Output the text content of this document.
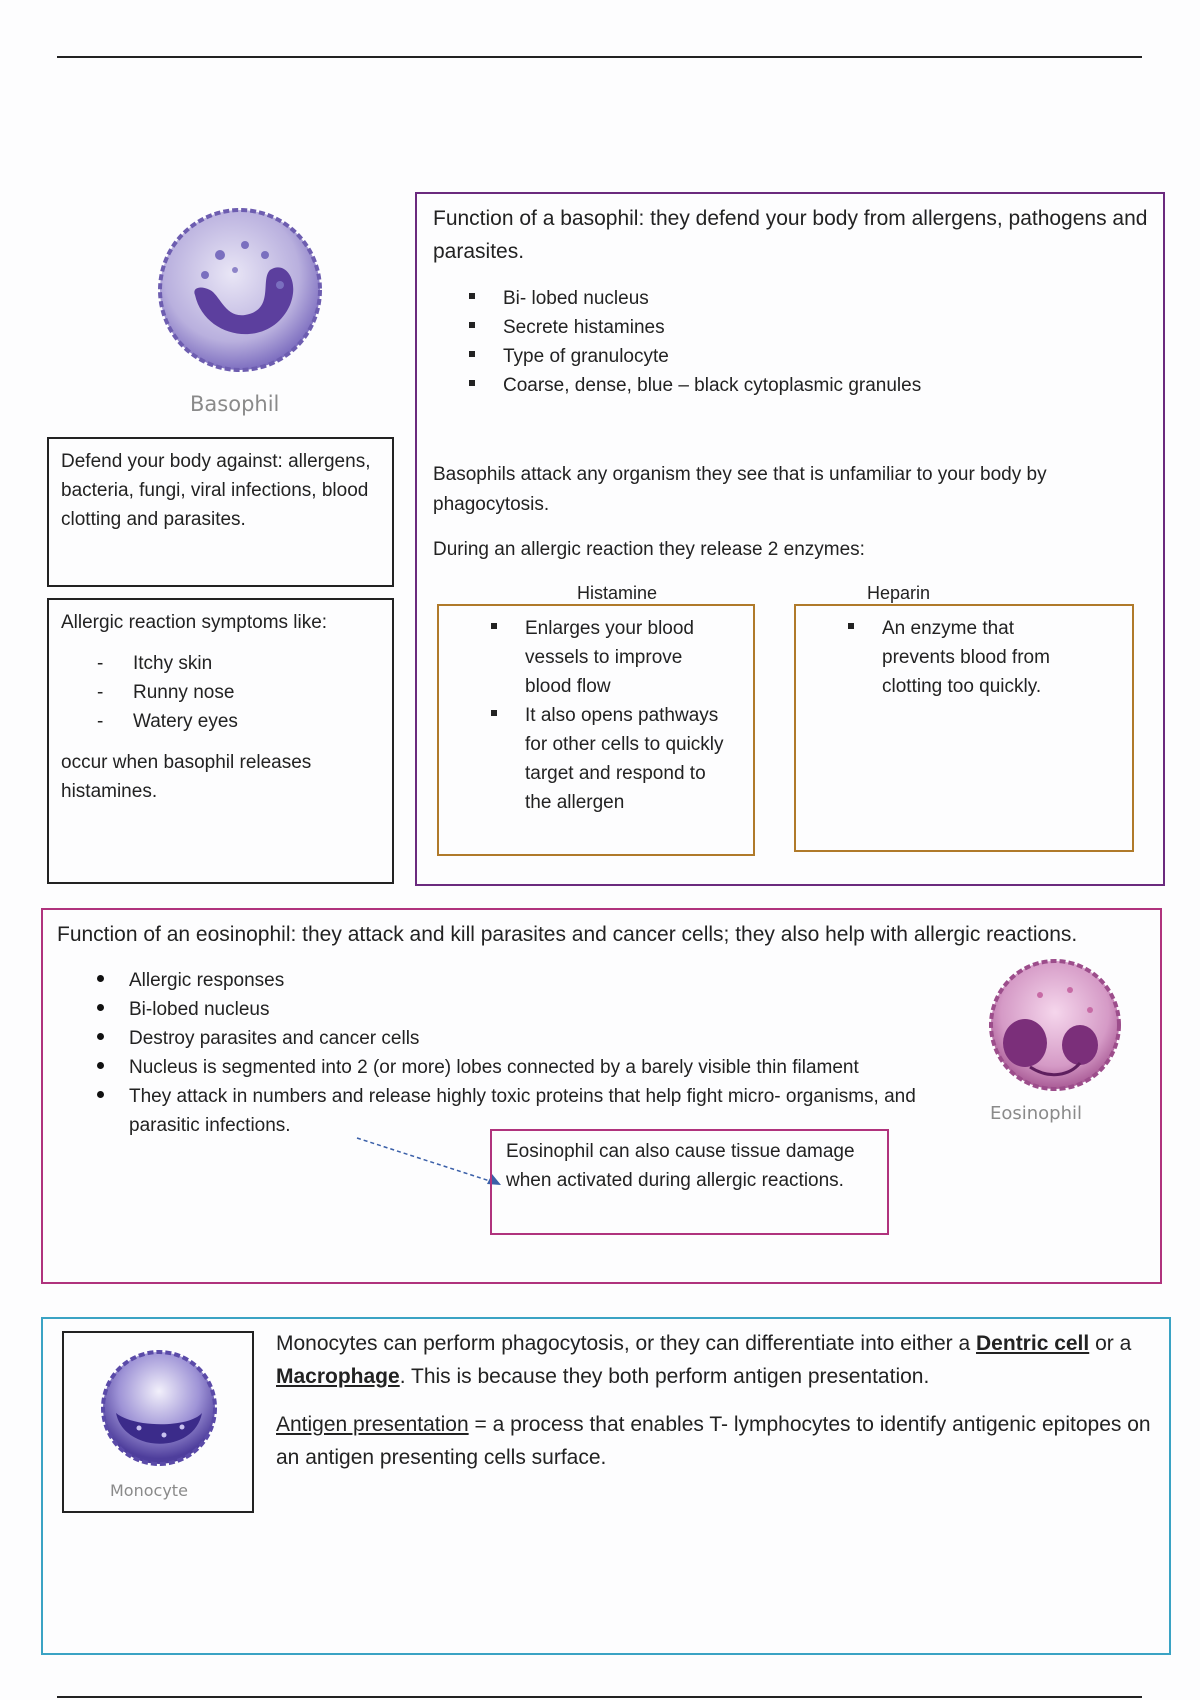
Basophil

Defend your body against: allergens, bacteria, fungi, viral infections, blood clotting and parasites.

Allergic reaction symptoms like:

- Itchy skin
- Runny nose
- Watery eyes

occur when basophil releases histamines.

Function of a basophil: they defend your body from allergens, pathogens and parasites.

Bi- lobed nucleus
Secrete histamines
Type of granulocyte
Coarse, dense, blue – black cytoplasmic granules

Basophils attack any organism they see that is unfamiliar to your body by phagocytosis.

During an allergic reaction they release 2 enzymes:

Histamine
Enlarges your blood vessels to improve blood flow
It also opens pathways for other cells to quickly target and respond to the allergen
Heparin
An enzyme that prevents blood from clotting too quickly.

Function of an eosinophil: they attack and kill parasites and cancer cells; they also help with allergic reactions.

Allergic responses
Bi-lobed nucleus
Destroy parasites and cancer cells
Nucleus is segmented into 2 (or more) lobes connected by a barely visible thin filament
They attack in numbers and release highly toxic proteins that help fight micro- organisms, and parasitic infections.
Eosinophil

Eosinophil can also cause tissue damage when activated during allergic reactions.

Monocyte

Monocytes can perform phagocytosis, or they can differentiate into either a Dentric cell or a Macrophage. This is because they both perform antigen presentation.

Antigen presentation = a process that enables T- lymphocytes to identify antigenic epitopes on an antigen presenting cells surface.
